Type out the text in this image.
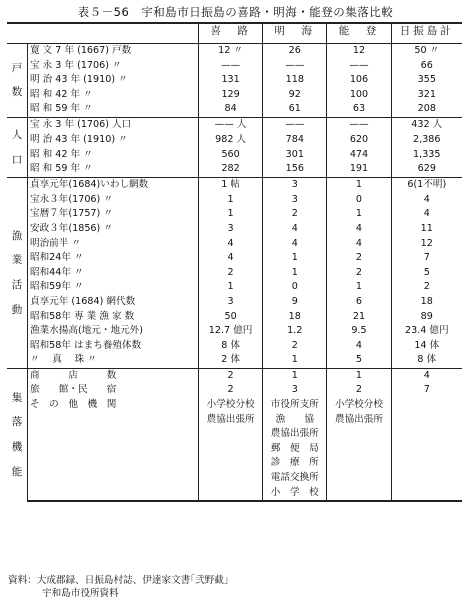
表５－56　宇和島市日振島の喜路・明海・能登の集落比較
		喜　路	明　海	能　登	日振島計

戸
数	寛 文 7 年 (1667) 戸数	12 〃	26	12	50 〃
	宝 永 3 年 (1706) 〃	——	——	——	66
	明 治 43 年 (1910) 〃	131	118	106	355
	昭 和 42 年 〃	129	92	100	321
	昭 和 59 年 〃	84	61	63	208

人
口	宝 永 3 年 (1706) 人口	—— 人	——	——	432 人
	明 治 43 年 (1910) 〃	982 人	784	620	2,386
	昭 和 42 年 〃	560	301	474	1,335
	昭 和 59 年 〃	282	156	191	629

漁
業
活
動	貞享元年(1684)いわし網数	1 帖	3	1	6(1不明)
	宝永３年(1706) 〃	1	3	0	4
	宝暦７年(1757) 〃	1	2	1	4
	安政３年(1856) 〃	3	4	4	11
	明治前半 〃	4	4	4	12
	昭和24年 〃	4	1	2	7
	昭和44年 〃	2	1	2	5
	昭和59年 〃	1	0	1	2
	貞享元年 (1684) 網代数	3	9	6	18
	昭和58年 専 業 漁 家 数	50	18	21	89
	漁業水揚高(地元・地元外)	12.7 億円	1.2	9.5	23.4 億円
	昭和58年 はまち養殖体数	8 体	2	4	14 体
	〃 　真　 珠 〃	2 体	1	5	8 体

集
落
機
能	商　　　店　　　数	2	1	1	4
	旅　　館・民　　宿	2	3	2	7
	そ　の　他　機　関	小学校分校	市役所支所	小学校分校	
		農協出張所	漁　　協	農協出張所	
			農協出張所		
			郵　便　局		
			診　療　所		
			電話交換所		
			小　学　校		
資料：大成郡録、日振島村誌、伊達家文書｢弐野截｣
宇和島市役所資料
